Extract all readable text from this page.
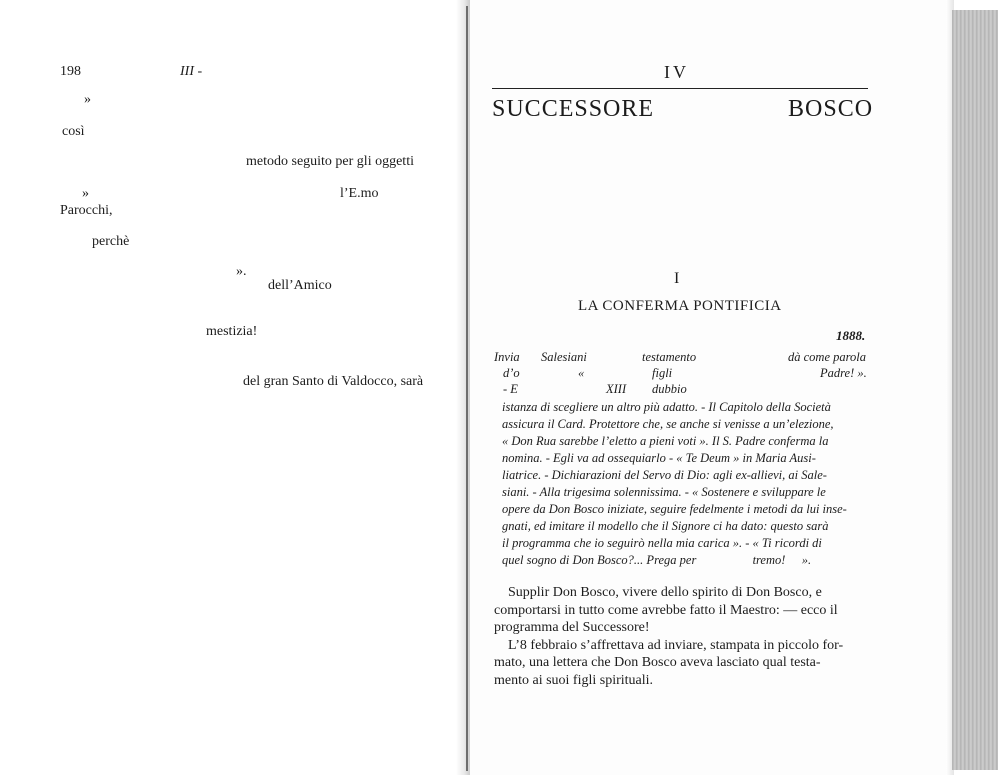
198	III -
»
così
metodo seguito per gli oggetti
»	l’E.mo
Parocchi,
perchè
».
dell’Amico
mestizia!
del gran Santo di Valdocco, sarà
IV
SUCCESSORE	BOSCO
I
LA CONFERMA PONTIFICIA
1888.
Invia Salesiani	testamento	dà come parola
d’o	«	figli	Padre! ».
- E	XIII dubbio
istanza di scegliere un altro più adatto. - Il Capitolo della Società
assicura il Card. Protettore che, se anche si venisse a un’elezione,
« Don Rua sarebbe l’eletto a pieni voti ». Il S. Padre conferma la
nomina. - Egli va ad ossequiarlo - « Te Deum » in Maria Ausi-
liatrice. - Dichiarazioni del Servo di Dio: agli ex-allievi, ai Sale-
siani. - Alla trigesima solennissima. - « Sostenere e sviluppare le
opere da Don Bosco iniziate, seguire fedelmente i metodi da lui inse-
gnati, ed imitare il modello che il Signore ci ha dato: questo sarà
il programma che io seguirò nella mia carica ». - « Ti ricordi di
quel sogno di Don Bosco?... Prega per	tremo! ».
Supplir Don Bosco, vivere dello spirito di Don Bosco, e
comportarsi in tutto come avrebbe fatto il Maestro: — ecco il
programma del Successore!
L’8 febbraio s’affrettava ad inviare, stampata in piccolo for-
mato, una lettera che Don Bosco aveva lasciato qual testa-
mento ai suoi figli spirituali.
